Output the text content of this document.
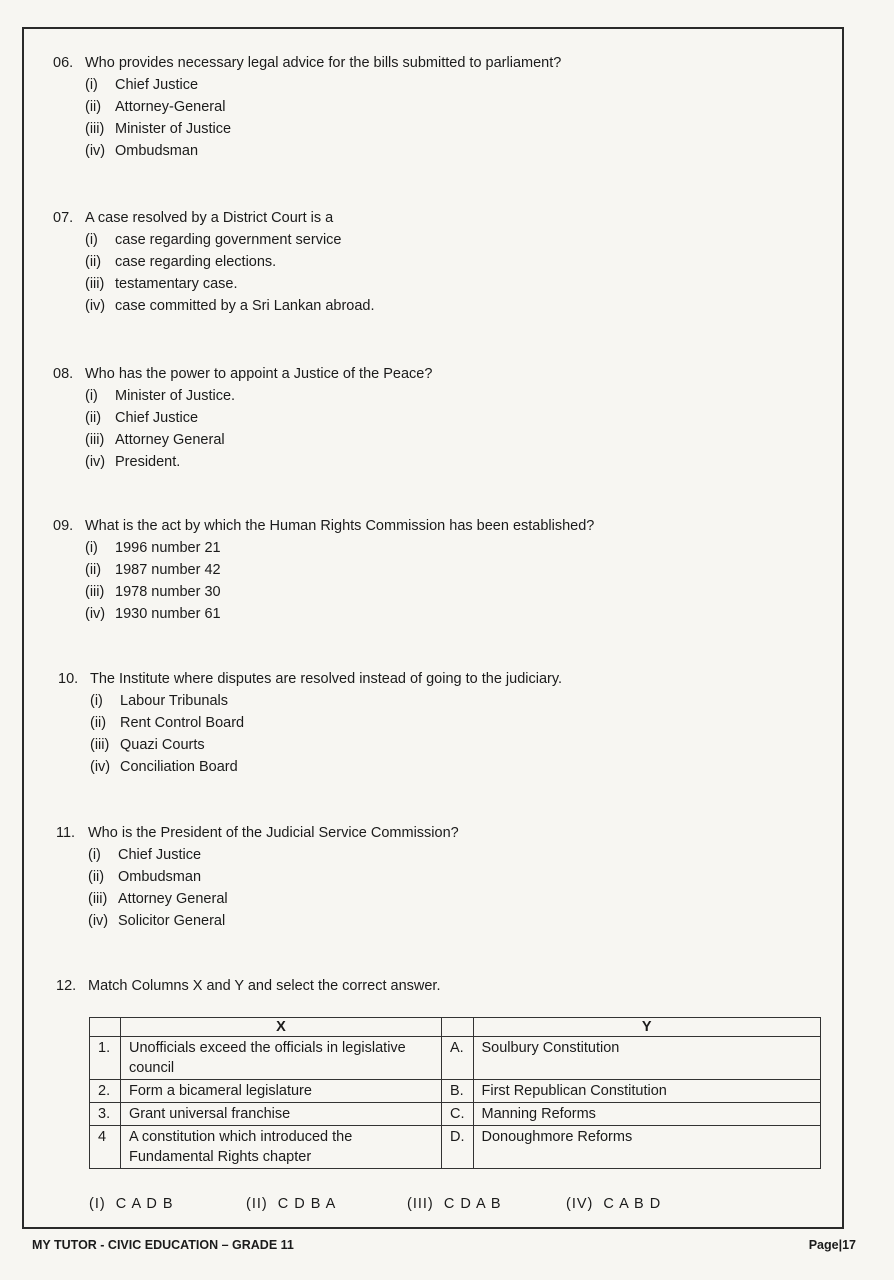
06. Who provides necessary legal advice for the bills submitted to parliament?
(i) Chief Justice
(ii) Attorney-General
(iii) Minister of Justice
(iv) Ombudsman
07. A case resolved by a District Court is a
(i) case regarding government service
(ii) case regarding elections.
(iii) testamentary case.
(iv) case committed by a Sri Lankan abroad.
08. Who has the power to appoint a Justice of the Peace?
(i) Minister of Justice.
(ii) Chief Justice
(iii) Attorney General
(iv) President.
09. What is the act by which the Human Rights Commission has been established?
(i) 1996 number 21
(ii) 1987 number 42
(iii) 1978 number 30
(iv) 1930 number 61
10. The Institute where disputes are resolved instead of going to the judiciary.
(i) Labour Tribunals
(ii) Rent Control Board
(iii) Quazi Courts
(iv) Conciliation Board
11. Who is the President of the Judicial Service Commission?
(i) Chief Justice
(ii) Ombudsman
(iii) Attorney General
(iv) Solicitor General
12. Match Columns X and Y and select the correct answer.
	X		Y
1.	Unofficials exceed the officials in legislative council	A.	Soulbury Constitution
2.	Form a bicameral legislature	B.	First Republican Constitution
3.	Grant universal franchise	C.	Manning Reforms
4	A constitution which introduced the Fundamental Rights chapter	D.	Donoughmore Reforms
(I) C A D B	(II) C D B A	(III) C D A B	(IV) C A B D
MY TUTOR - CIVIC EDUCATION – GRADE 11	Page|17
